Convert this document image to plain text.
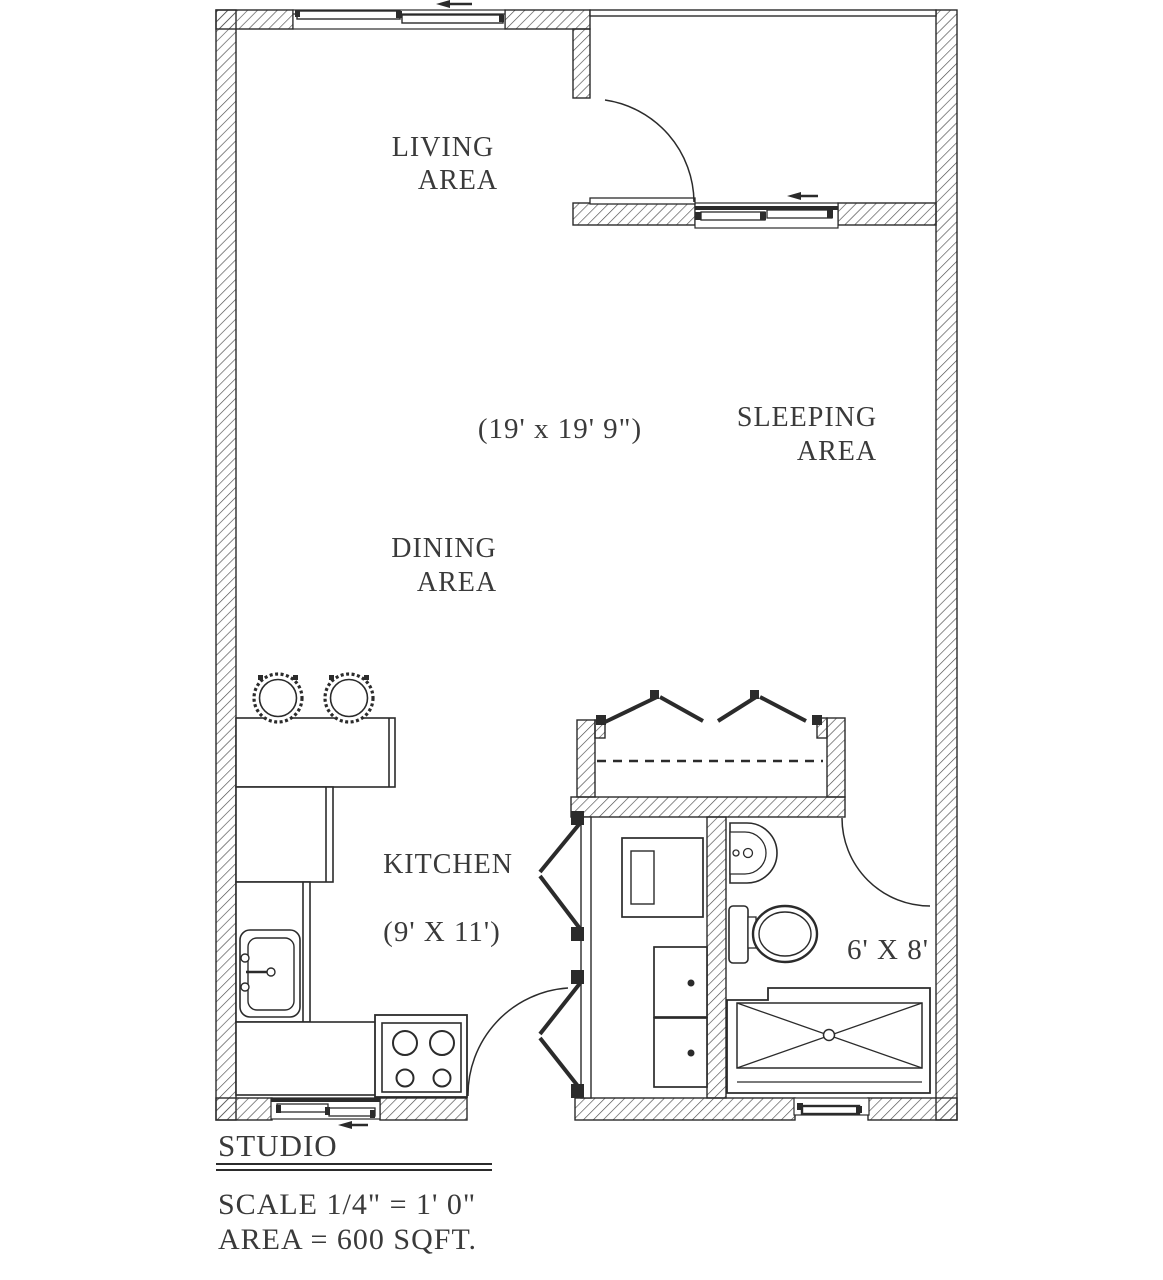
LIVING
AREA
(19' x 19' 9")	SLEEPING
AREA
DINING
AREA
KITCHEN
(9' X 11')
6' X 8'
STUDIO
SCALE 1/4" = 1' 0"
AREA = 600 SQFT.
